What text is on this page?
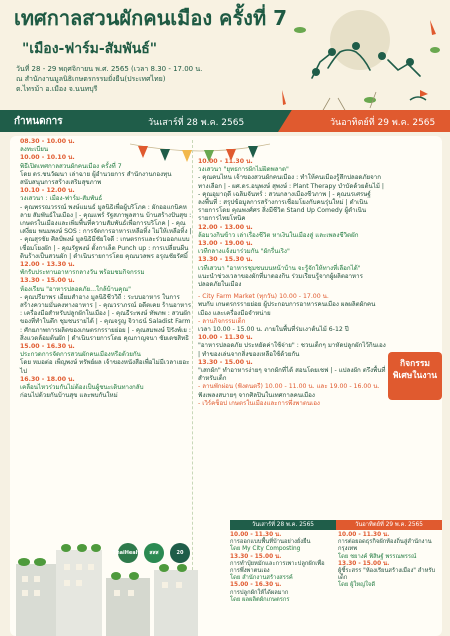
เทศกาลสวนผักคนเมือง ครั้งที่ 7
"เมือง-ฟาร์ม-สัมพันธ์"
วันที่ 28 - 29 พฤศจิกายน พ.ศ. 2565 (เวลา 8.30 - 17.00 น.
ณ สำนักงานมูลนิธิเกษตรกรรมยั่งยืน(ประเทศไทย)
ต.ไทรม้า อ.เมือง จ.นนทบุรี
กำหนดการ	วันเสาร์ที่ 28 พ.ค. 2565	วันอาทิตย์ที่ 29 พ.ค. 2565

08.30 - 10.00 น.

ลงทะเบียน

10.00 - 10.10 น.

พิธีเปิดเทศกาลสวนผักคนเมือง ครั้งที่ 7

โดย ดร.ชนวัฒนา เล่าฉาย ผู้อำนวยการ สำนักงานกองทุนสนับสนุนการสร้างเสริมสุขภาพ

10.10 - 12.00 น.

วงเสวนา : เมือง-ฟาร์ม-สัมพันธ์

- คุณพรรณวรรณ์ พงษ์แมนธ์ มูลนิธิเพื่อผู้บริโภค : ผักออแกนิคหลาย สัมพันธ์ในเมือง | - คุณแพร์ รัฐสภาพูลสาน บ้านสร้างปันสุข : เกษตรในเมืองและเพิ่มพื้นที่ความสัมพันธ์เพื่อการบริโภค | - คุณเสงี่ยม พนมพงษ์ SOS : การจัดการอาหารเหลือทิ้ง ไม่ให้เหลือทิ้ง | - คุณสุรชัย ศิลป์พงษ์ มูลนิธิมีชัยใจดี : เกษตรกรและร่วมออกแบบเชื่อมโยงผัก | - คุณรัฐพงษ์ ตั้งกาเล็ด Punch up : การเปลี่ยนผืนดินร้างเป็นสวนผัก | ดำเนินรายการโดย คุณนวลพร อรุณชัยรัศมิ์

12.00 - 13.30 น.

พักรับประทานอาหารกลางวัน พร้อมชมกิจกรรม

13.30 - 15.00 น.

ห้องเรียน "อาหารปลอดภัย...ใกล้บ้านคุณ"

- คุณปรียาพร เอี่ยมสำอาง มูลนิธิชีววิถี : ระบบอาหาร ในการสร้างความมั่นคงทางอาหาร | - คุณวราภรณ์ อดีตเคย ร้านอาหาร : เครื่องมือสำหรับปลูกผักในเมือง | - คุณธีระพงษ์ ทัพภพ : สวนผักของที่ทำในตึก ชุมชนรายได้ | - คุณจรูญ จิวาธน์ Saladist Farm : ศักยภาพการผลิตของเกษตรกรรายย่อย | - คุณสมพงษ์ ปิรังพ์เย : สิ่งแวดล้อมต้นผัก | ดำเนินรายการโดย คุณกาญจนา ชัยเดชสิทธิ

15.00 - 16.30 น.

ประกวดการจัดการสวนผักคนเมืองหรือด้วยกัน

โดย หมอต่อ เพ็ญพงษ์ ทรัพย์ผล เจ้าของหนังสือเพื่อไม่มีเวลาเยอะไป

16.30 - 18.00 น.

เคลื่อนไหวร่วมกันไม่ต้องเป็นผู้ชนะเดินทางกลับ

ก่อนไปด้วยกันบ้านสุข และพบกันใหม่

10.00 - 11.30 น.

วงเสวนา "ยุทธการผักไม่ผิดพลาด"

- คุณคนไหน เจ้าของสวนผักคนเมือง : ทำให้คนเมืองรู้สึกปลอดภัยจากทางเลือก | - ผศ.ดร.อนุพงษ์ สุพงษ์ : Plant Therapy บำบัดด้วยต้นไม้ | - คุณอุมาฤดี เฉลิมจันทร์ : สวนกลางเมืองชีวภาพ | - คุณนรเศรษฐ์ ลงพื้นที่ : สรุปข้อมูลการสร้างการเชื่อมโยงกับคนรุ่นใหม่ | ดำเนินรายการโดย คุณพงศ์ศร สิ่งมีชีวิต Stand Up Comedy ผู้ดำเนินรายการไทยโทนิค

12.00 - 13.00 น.

ล้อมวงกินข้าว เล่าเรื่องชีวิต หาเงินในเมืองสู่ และเพลงชีวิตผัก

13.00 - 19.00 น.

เวทีกลางแจ้งมาร่วมกัน "ผักรื่นเริง"

13.30 - 15.30 น.

เวทีเสวนา "อาหารชุมชนบนหน้าบ้าน จะรู้จักให้ทางที่เลือกได้"

แนะนำช่วงเวลาของผักที่มาดองกิน ร่วมเรียนรู้จากผู้ผลิตอาหารปลอดภัยในเมือง

- City Farm Market (ทุกวัน) 10.00 - 17.00 น.

พบกับ เกษตรกรรายย่อย ผู้ประกอบการอาหารคนเมือง ผลผลิตผักคนเมือง และเครื่องมือจำหน่าย

- ลานกิจกรรมเด็ก

เวลา 10.00 - 15.00 น. ภายในพื้นที่ร่มเงาต้นไม้ 6-12 ปี

10.00 - 11.30 น.

"อาหารปลอดภัย ประหยัดค่าใช้จ่าย" : ชวนเด็กๆ มาหัดปลูกผักไว้กินเอง | ทำของเล่นจากสิ่งของเหลือใช้ด้วยกัน

13.30 - 15.00 น.

"เสกผัก" ทำอาหารง่ายๆ จากผักที่ได้ สอนโดยเชฟ | - แปลงผัก ตรึงพื้นที่สำหรับเด็ก

- ลานพักผ่อน (ฟังดนตรี) 10.00 - 11.00 น. และ 19.00 - 16.00 น.

ฟังเพลงสบายๆ จากศิลปินในเทศกาลคนเมือง

- เวิร์คช็อป เกษตรในเมืองและการพึ่งพาตนเอง

กิจกรรม
พิเศษในงาน
วันเสาร์ที่ 28 พ.ค. 2565	วันอาทิตย์ที่ 29 พ.ค. 2565

10.00 - 11.30 น.

การออกแบบพื้นที่บ้านอย่างยั่งยืน

โดย My City Composting

13.30 - 15.00 น.

การทำปุ๋ยหมักและการเพาะปลูกผักเพื่อการพึ่งพาตนเอง

โดย สำนักงานสร้างสรรค์

15.00 - 16.30 น.

การปลูกผักให้ได้ผลมาก

โดย ผลผลิตผักเกษตรกร

10.00 - 11.30 น.

การต่อยอดธุรกิจผักท้องถิ่นสู่สำนักงานกรุงเทพ

โดย ชยางค์ พิสิษฐ์ พรรณพรรณ์

13.30 - 15.00 น.

ผู้ชี้ระสรร "ห้องเรียนสร้างเมือง" สำหรับเด็ก

โดย ผู้ใหญ่ใจดี

ThaiHealth	สสส	20
